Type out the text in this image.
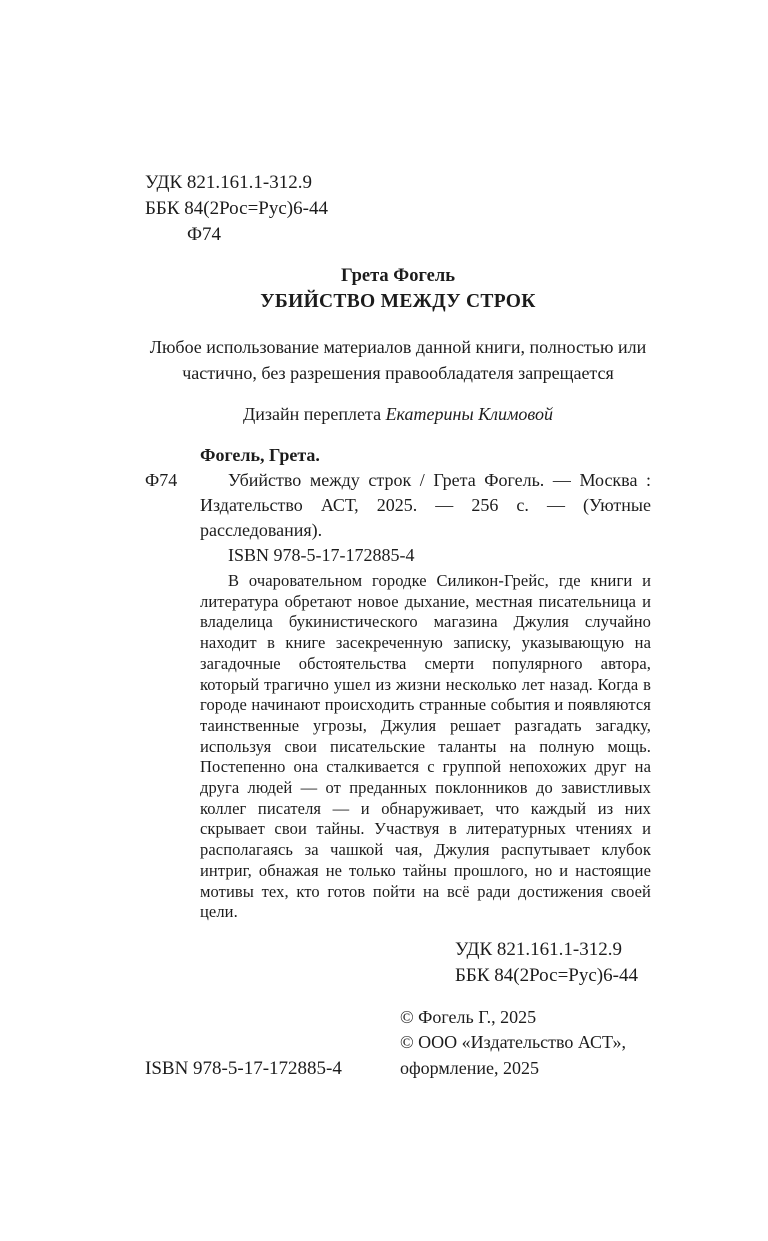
УДК 821.161.1-312.9
ББК 84(2Рос=Рус)6-44
Ф74
Грета Фогель
УБИЙСТВО МЕЖДУ СТРОК
Любое использование материалов данной книги, полностью или частично, без разрешения правообладателя запрещается
Дизайн переплета Екатерины Климовой
Фогель, Грета.
Ф74	Убийство между строк / Грета Фогель. — Москва : Издательство АСТ, 2025. — 256 с. — (Уютные расследования).
ISBN 978-5-17-172885-4
В очаровательном городке Силикон-Грейс, где книги и литература обретают новое дыхание, местная писательница и владелица букинистического магазина Джулия случайно находит в книге засекреченную записку, указывающую на загадочные обстоятельства смерти популярного автора, который трагично ушел из жизни несколько лет назад. Когда в городе начинают происходить странные события и появляются таинственные угрозы, Джулия решает разгадать загадку, используя свои писательские таланты на полную мощь. Постепенно она сталкивается с группой непохожих друг на друга людей — от преданных поклонников до завистливых коллег писателя — и обнаруживает, что каждый из них скрывает свои тайны. Участвуя в литературных чтениях и располагаясь за чашкой чая, Джулия распутывает клубок интриг, обнажая не только тайны прошлого, но и настоящие мотивы тех, кто готов пойти на всё ради достижения своей цели.
УДК 821.161.1-312.9
ББК 84(2Рос=Рус)6-44
© Фогель Г., 2025
© ООО «Издательство АСТ», оформление, 2025
ISBN 978-5-17-172885-4
